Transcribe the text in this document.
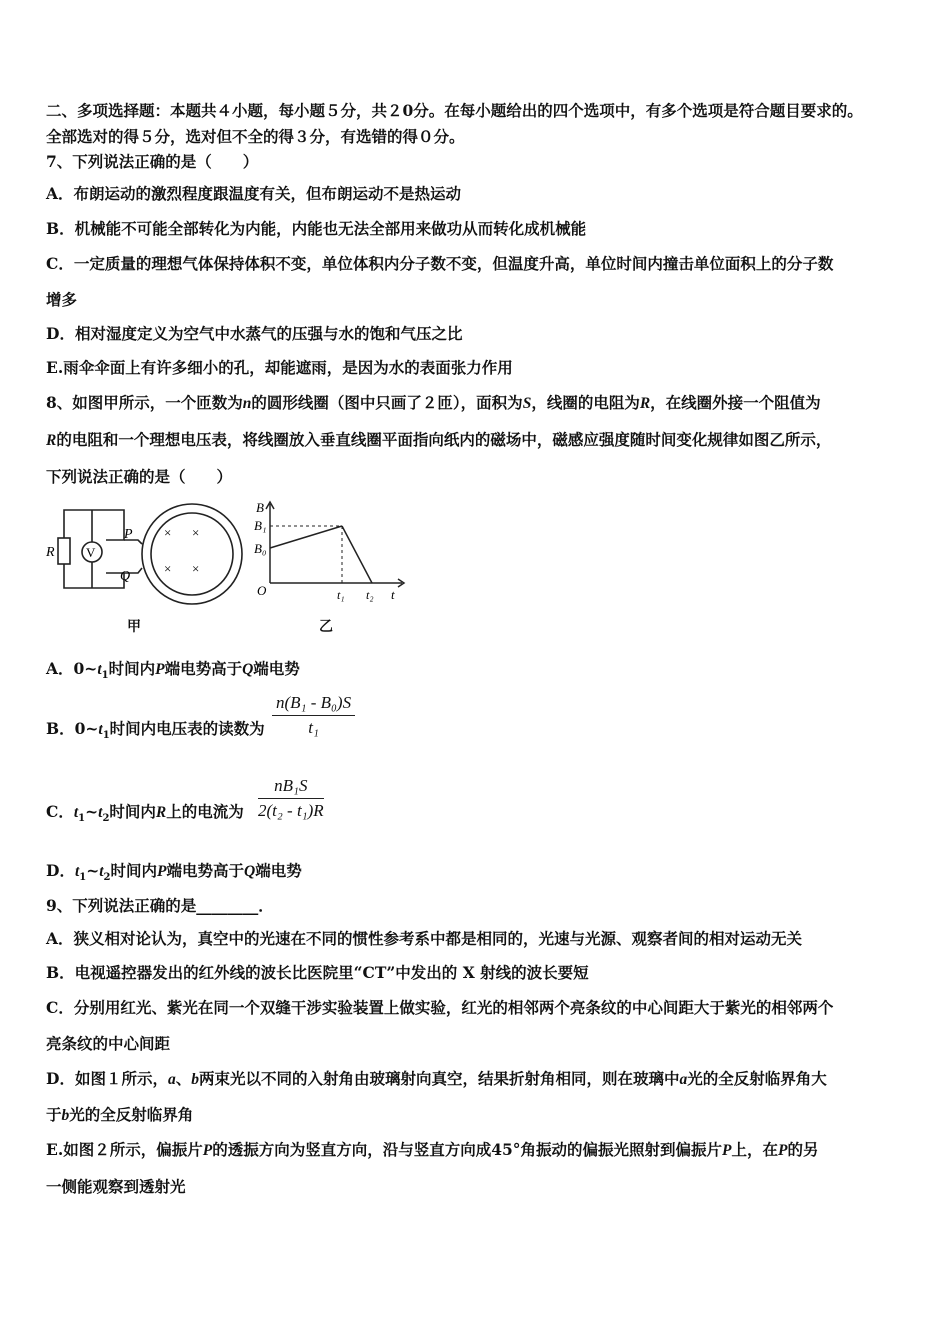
二、多项选择题：本题共４小题，每小题５分，共２0分。在每小题给出的四个选项中，有多个选项是符合题目要求的。
全部选对的得５分，选对但不全的得３分，有选错的得０分。
7、下列说法正确的是（　　）
A．布朗运动的激烈程度跟温度有关，但布朗运动不是热运动
B．机械能不可能全部转化为内能，内能也无法全部用来做功从而转化成机械能
C．一定质量的理想气体保持体积不变，单位体积内分子数不变，但温度升高，单位时间内撞击单位面积上的分子数
增多
D．相对湿度定义为空气中水蒸气的压强与水的饱和气压之比
E.雨伞伞面上有许多细小的孔，却能遮雨，是因为水的表面张力作用
8、如图甲所示，一个匝数为n的圆形线圈（图中只画了２匝），面积为S，线圈的电阻为R，在线圈外接一个阻值为
R的电阻和一个理想电压表，将线圈放入垂直线圈平面指向纸内的磁场中，磁感应强度随时间变化规律如图乙所示，
下列说法正确的是（　　）
R V
P
Q
× ×
× ×
甲
B
B₁
B₀
O	t₁ t₂ t
乙
A．$0\sim t_1$时间内P端电势高于Q端电势
B．$0\sim t_1$时间内电压表的读数为 $\frac{\text{n(B₁ - B₀)S}}{\text{t₁}}$
C．$t_1\sim t_2$时间内R上的电流为 $\frac{\text{nB₁S}}{\text{2(t₂ - t₁)R}}$
D．$t_1\sim t_2$时间内P端电势高于Q端电势
9、下列说法正确的是________．
A．狭义相对论认为，真空中的光速在不同的惯性参考系中都是相同的，光速与光源、观察者间的相对运动无关
B．电视遥控器发出的红外线的波长比医院里“CT”中发出的 X 射线的波长要短
C．分别用红光、紫光在同一个双缝干涉实验装置上做实验，红光的相邻两个亮条纹的中心间距大于紫光的相邻两个
亮条纹的中心间距
D．如图１所示，a、b两束光以不同的入射角由玻璃射向真空，结果折射角相同，则在玻璃中a光的全反射临界角大
于b光的全反射临界角
E.如图２所示，偏振片P的透振方向为竖直方向，沿与竖直方向成45°角振动的偏振光照射到偏振片P上，在P的另
一侧能观察到透射光
